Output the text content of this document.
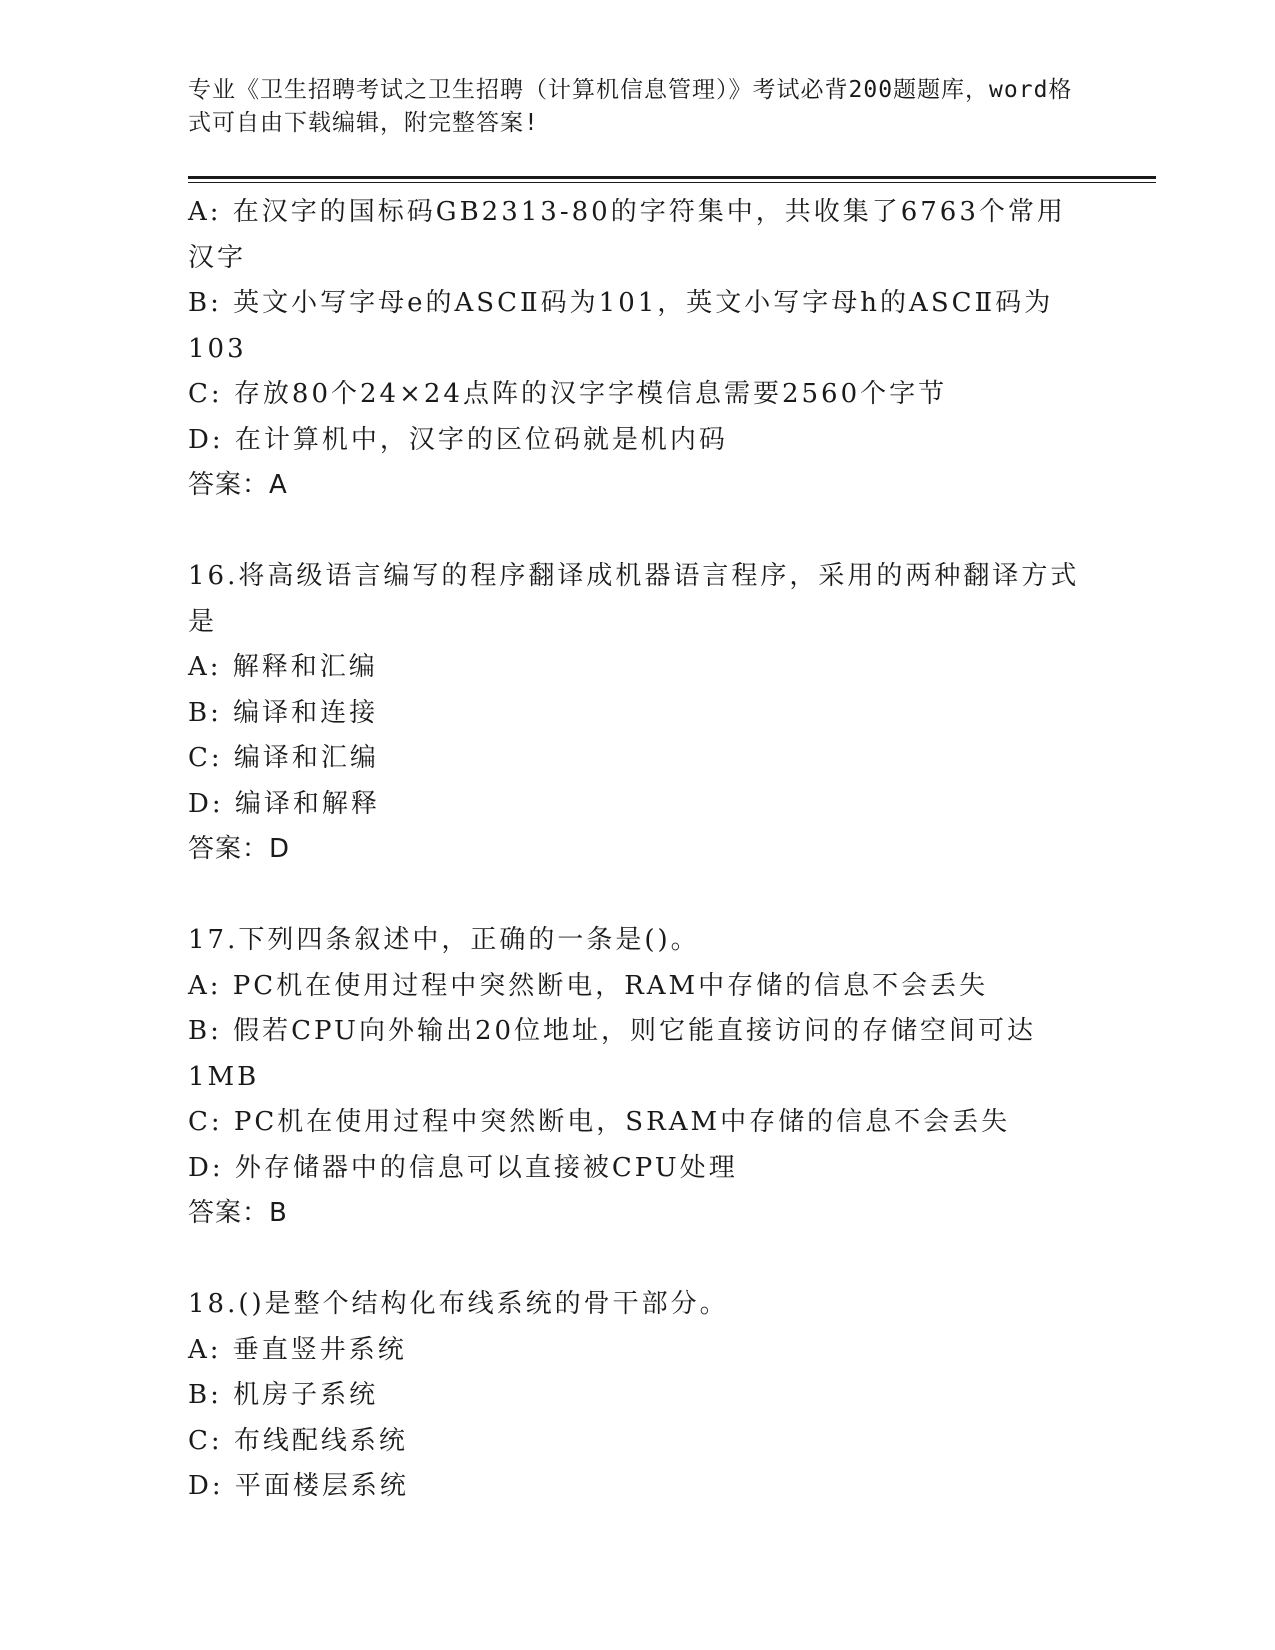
专业《卫生招聘考试之卫生招聘（计算机信息管理）》考试必背200题题库，word格式可自由下载编辑，附完整答案!
A: 在汉字的国标码GB2313-80的字符集中，共收集了6763个常用汉字
B: 英文小写字母e的ASCⅡ码为101，英文小写字母h的ASCⅡ码为103
C: 存放80个24×24点阵的汉字字模信息需要2560个字节
D: 在计算机中，汉字的区位码就是机内码
答案：A
16.将高级语言编写的程序翻译成机器语言程序，采用的两种翻译方式是
A: 解释和汇编
B: 编译和连接
C: 编译和汇编
D: 编译和解释
答案：D
17.下列四条叙述中，正确的一条是()。
A: PC机在使用过程中突然断电，RAM中存储的信息不会丢失
B: 假若CPU向外输出20位地址，则它能直接访问的存储空间可达1MB
C: PC机在使用过程中突然断电，SRAM中存储的信息不会丢失
D: 外存储器中的信息可以直接被CPU处理
答案：B
18.()是整个结构化布线系统的骨干部分。
A: 垂直竖井系统
B: 机房子系统
C: 布线配线系统
D: 平面楼层系统
